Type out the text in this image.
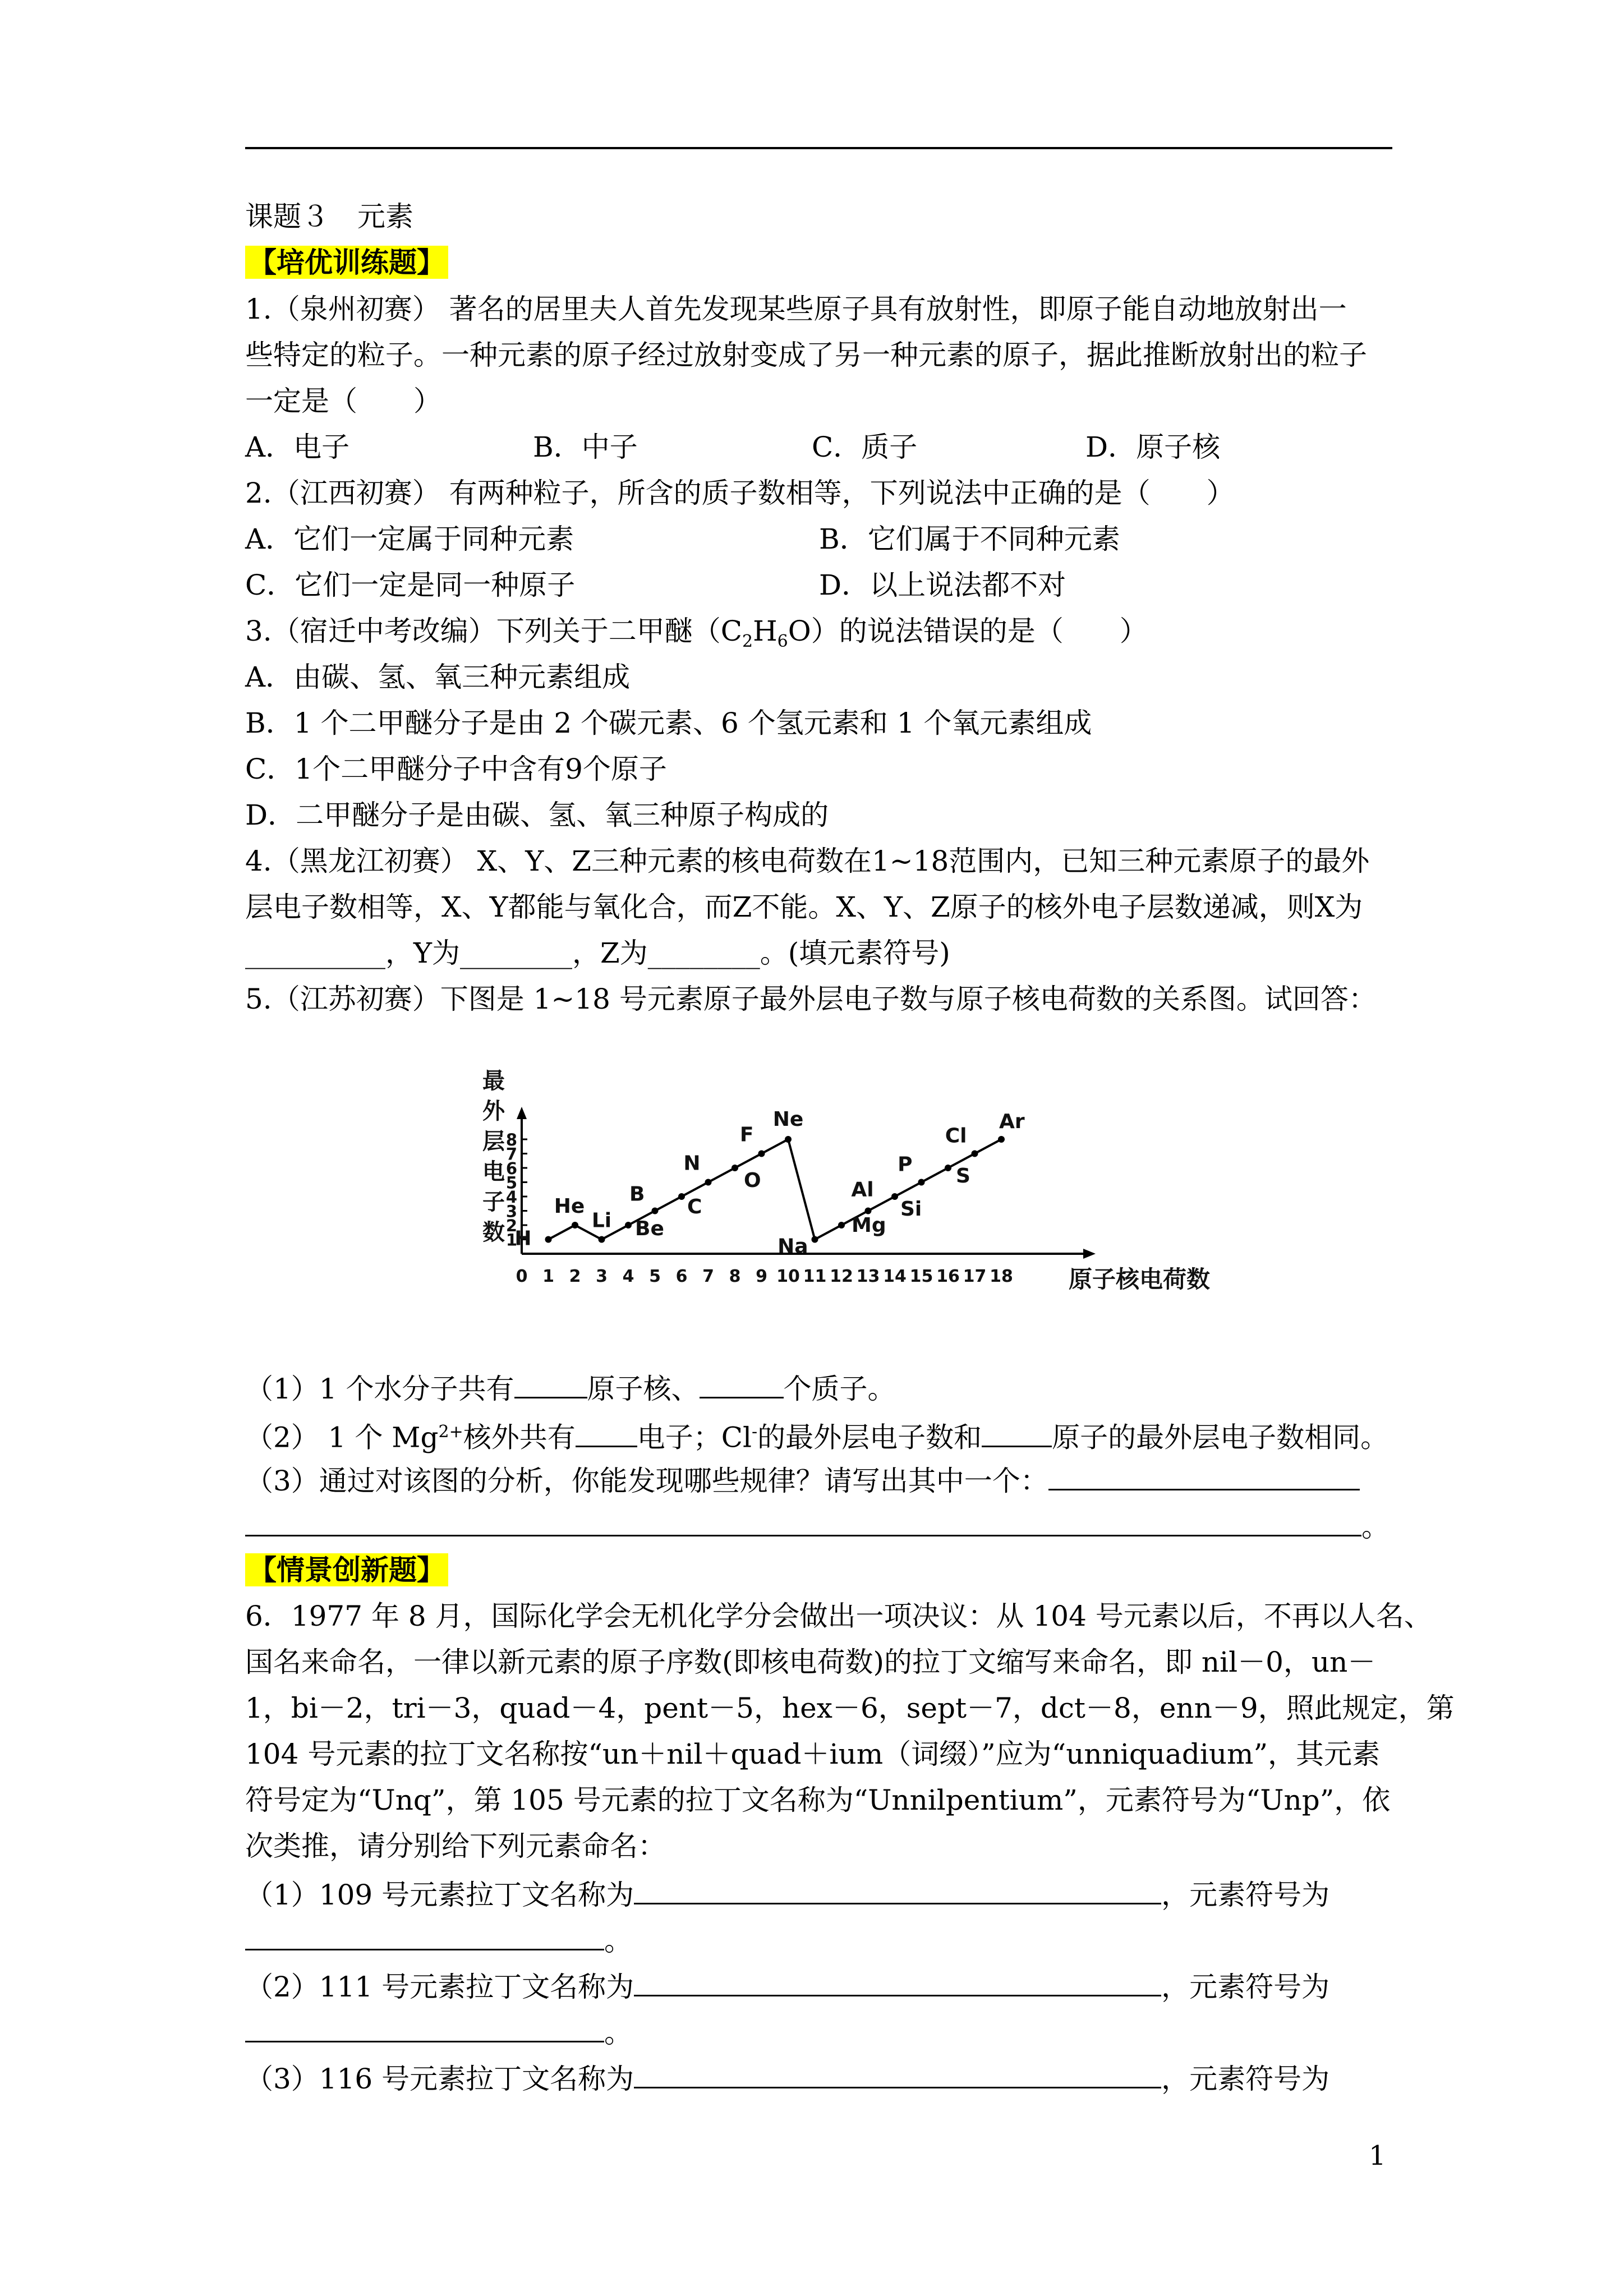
课题３　元素
【培优训练题】
1.（泉州初赛） 著名的居里夫人首先发现某些原子具有放射性，即原子能自动地放射出一
些特定的粒子。一种元素的原子经过放射变成了另一种元素的原子，据此推断放射出的粒子
一定是（　　）
A．电子	B．中子	C．质子	D．原子核
2.（江西初赛） 有两种粒子，所含的质子数相等，下列说法中正确的是（　　）
A．它们一定属于同种元素	B．它们属于不同种元素
C．它们一定是同一种原子	D．以上说法都不对
3.（宿迁中考改编）下列关于二甲醚$(C_2H_6O)$的说法错误的是（　　）
A．由碳、氢、氧三种元素组成
B．1 个二甲醚分子是由 2 个碳元素、6 个氢元素和 1 个氧元素组成
C．1个二甲醚分子中含有9个原子
D．二甲醚分子是由碳、氢、氧三种原子构成的
4.（黑龙江初赛） X、Y、Z三种元素的核电荷数在1~18范围内，已知三种元素原子的最外
层电子数相等，X、Y都能与氧化合，而Z不能。X、Y、Z原子的核外电子层数递减，则X为
__________，Y为________，Z为________。(填元素符号)
5.（江苏初赛）下图是 1~18 号元素原子最外层电子数与原子核电荷数的关系图。试回答：
0 1 2 3 4 5 6 7 8 9 10 11 12 13 14 15 16 17 18
1
2
3
4
5
6
7
8
最
外
层
电
子
数
原子核电荷数
H
He
Li Be
B
C
N
O
F
Ne
Na
Mg
Al
Si
P S
Cl
Ar
（1）1 个水分子共有	原子核、	个质子。
（2） 1 个 $Mg^{2+}$核外共有 电子；Cl-的最外层电子数和	原子的最外层电子数相同。
（3）通过对该图的分析，你能发现哪些规律？请写出其中一个：
。
【情景创新题】
6．1977 年 8 月，国际化学会无机化学分会做出一项决议：从 104 号元素以后，不再以人名、
国名来命名，一律以新元素的原子序数(即核电荷数)的拉丁文缩写来命名，即 nil－0，un－
1，bi－2，tri－3，quad－4，pent－5，hex－6，sept－7，dct－8，enn－9，照此规定，第
104 号元素的拉丁文名称按“un＋nil＋quad＋ium（词缀）”应为“unniquadium”，其元素
符号定为“Unq”，第 105 号元素的拉丁文名称为“Unnilpentium”，元素符号为“Unp”，依
次类推，请分别给下列元素命名：
（1）109 号元素拉丁文名称为	，元素符号为
。
（2）111 号元素拉丁文名称为	，元素符号为
。
（3）116 号元素拉丁文名称为	，元素符号为
1
